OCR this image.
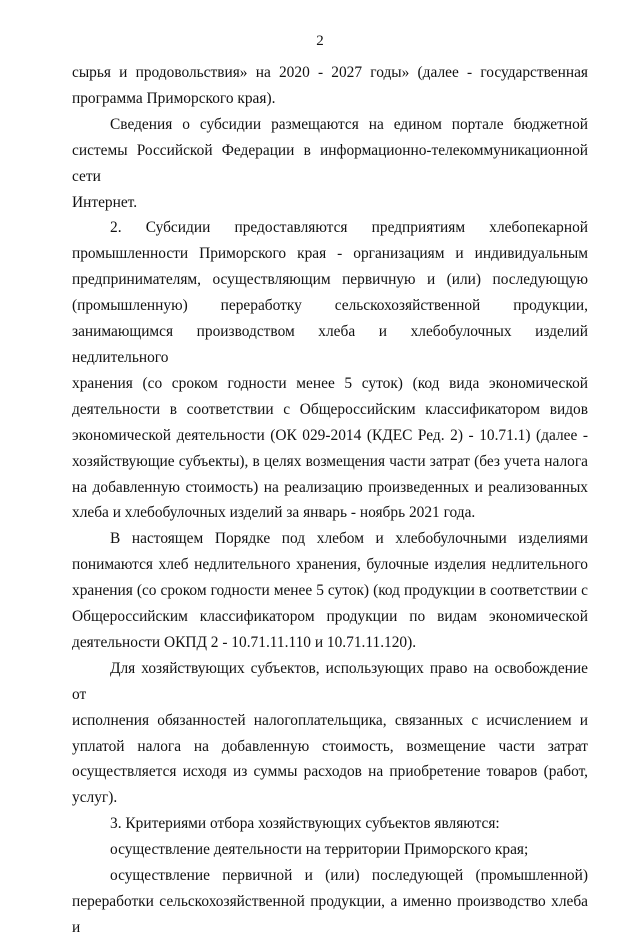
2

сырья и продовольствия» на 2020 - 2027 годы» (далее - государственная

программа Приморского края).

Сведения о субсидии размещаются на едином портале бюджетной

системы Российской Федерации в информационно-телекоммуникационной сети

Интернет.

2. Субсидии предоставляются предприятиям хлебопекарной

промышленности Приморского края - организациям и индивидуальным

предпринимателям, осуществляющим первичную и (или) последующую

(промышленную) переработку сельскохозяйственной продукции,

занимающимся производством хлеба и хлебобулочных изделий недлительного

хранения (со сроком годности менее 5 суток) (код вида экономической

деятельности в соответствии с Общероссийским классификатором видов

экономической деятельности (ОК 029-2014 (КДЕС Ред. 2) - 10.71.1) (далее -

хозяйствующие субъекты), в целях возмещения части затрат (без учета налога

на добавленную стоимость) на реализацию произведенных и реализованных

хлеба и хлебобулочных изделий за январь - ноябрь 2021 года.

В настоящем Порядке под хлебом и хлебобулочными изделиями

понимаются хлеб недлительного хранения, булочные изделия недлительного

хранения (со сроком годности менее 5 суток) (код продукции в соответствии с

Общероссийским классификатором продукции по видам экономической

деятельности ОКПД 2 - 10.71.11.110 и 10.71.11.120).

Для хозяйствующих субъектов, использующих право на освобождение от

исполнения обязанностей налогоплательщика, связанных с исчислением и

уплатой налога на добавленную стоимость, возмещение части затрат

осуществляется исходя из суммы расходов на приобретение товаров (работ,

услуг).

3. Критериями отбора хозяйствующих субъектов являются:

осуществление деятельности на территории Приморского края;

осуществление первичной и (или) последующей (промышленной)

переработки сельскохозяйственной продукции, а именно производство хлеба и
